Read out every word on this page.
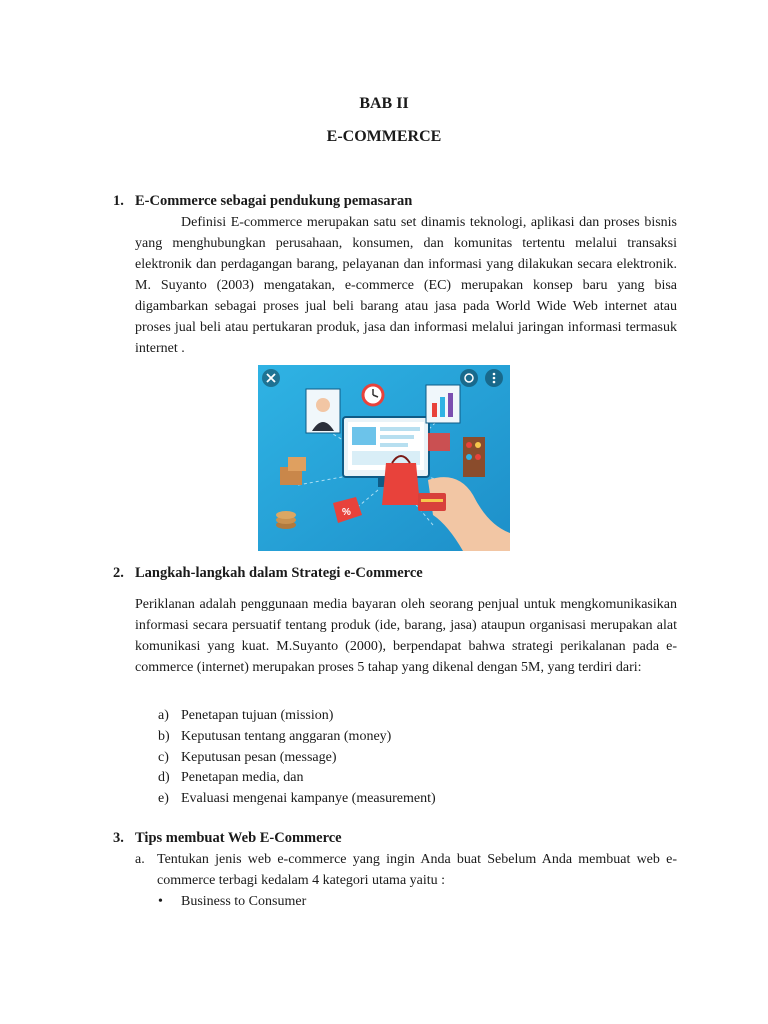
BAB II
E-COMMERCE
1. E-Commerce sebagai pendukung pemasaran

Definisi E-commerce merupakan satu set dinamis teknologi, aplikasi dan proses bisnis yang menghubungkan perusahaan, konsumen, dan komunitas tertentu melalui transaksi elektronik dan perdagangan barang, pelayanan dan informasi yang dilakukan secara elektronik. M. Suyanto (2003) mengatakan, e-commerce (EC) merupakan konsep baru yang bisa digambarkan sebagai proses jual beli barang atau jasa pada World Wide Web internet atau proses jual beli atau pertukaran produk, jasa dan informasi melalui jaringan informasi termasuk internet .

%
2. Langkah-langkah dalam Strategi e-Commerce

Periklanan adalah penggunaan media bayaran oleh seorang penjual untuk mengkomunikasikan informasi secara persuatif tentang produk (ide, barang, jasa) ataupun organisasi merupakan alat komunikasi yang kuat. M.Suyanto (2000), berpendapat bahwa strategi perikalanan pada e-commerce (internet) merupakan proses 5 tahap yang dikenal dengan 5M, yang terdiri dari:

a) Penetapan tujuan (mission)
b) Keputusan tentang anggaran (money)
c) Keputusan pesan (message)
d) Penetapan media, dan
e) Evaluasi mengenai kampanye (measurement)
3. Tips membuat Web E-Commerce
a. Tentukan jenis web e-commerce yang ingin Anda buat Sebelum Anda membuat web e-commerce terbagi kedalam 4 kategori utama yaitu :
• Business to Consumer
